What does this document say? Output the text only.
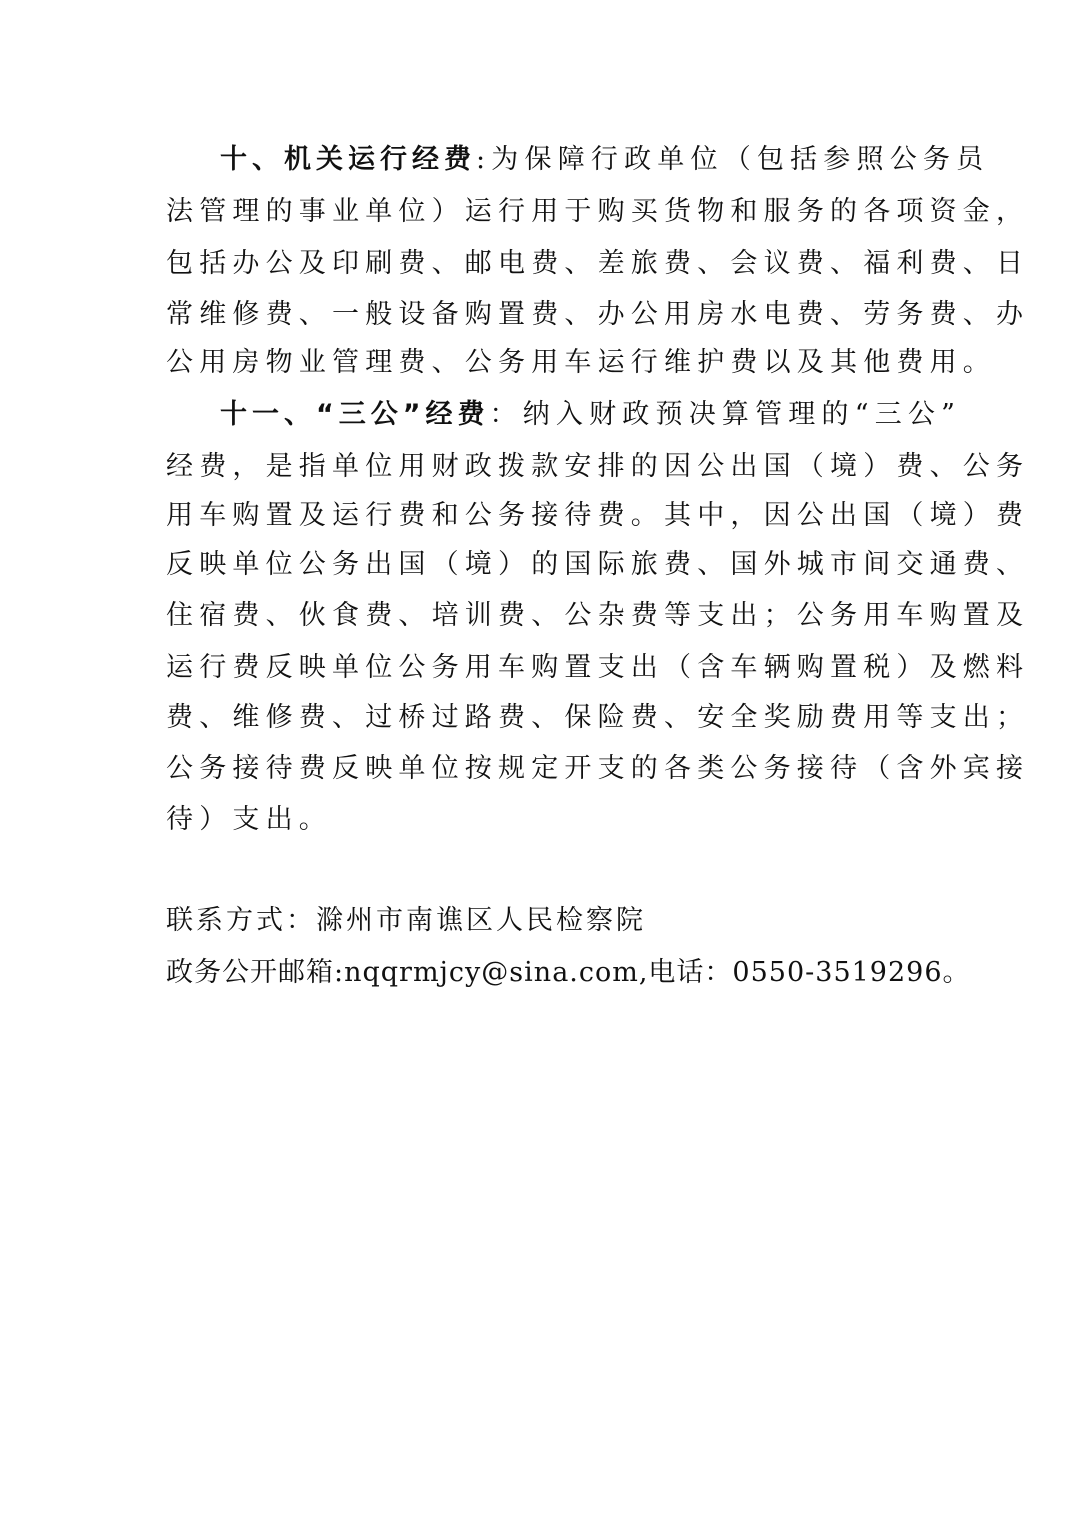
十、机关运行经费:为保障行政单位（包括参照公务员
法管理的事业单位）运行用于购买货物和服务的各项资金，
包括办公及印刷费、邮电费、差旅费、会议费、福利费、日
常维修费、一般设备购置费、办公用房水电费、劳务费、办
公用房物业管理费、公务用车运行维护费以及其他费用。
十一、“三公”经费：纳入财政预决算管理的“三公”
经费，是指单位用财政拨款安排的因公出国（境）费、公务
用车购置及运行费和公务接待费。其中，因公出国（境）费
反映单位公务出国（境）的国际旅费、国外城市间交通费、
住宿费、伙食费、培训费、公杂费等支出；公务用车购置及
运行费反映单位公务用车购置支出（含车辆购置税）及燃料
费、维修费、过桥过路费、保险费、安全奖励费用等支出；
公务接待费反映单位按规定开支的各类公务接待（含外宾接
待）支出。
联系方式：滁州市南谯区人民检察院
政务公开邮箱:nqqrmjcy@sina.com,电话：0550-3519296。
